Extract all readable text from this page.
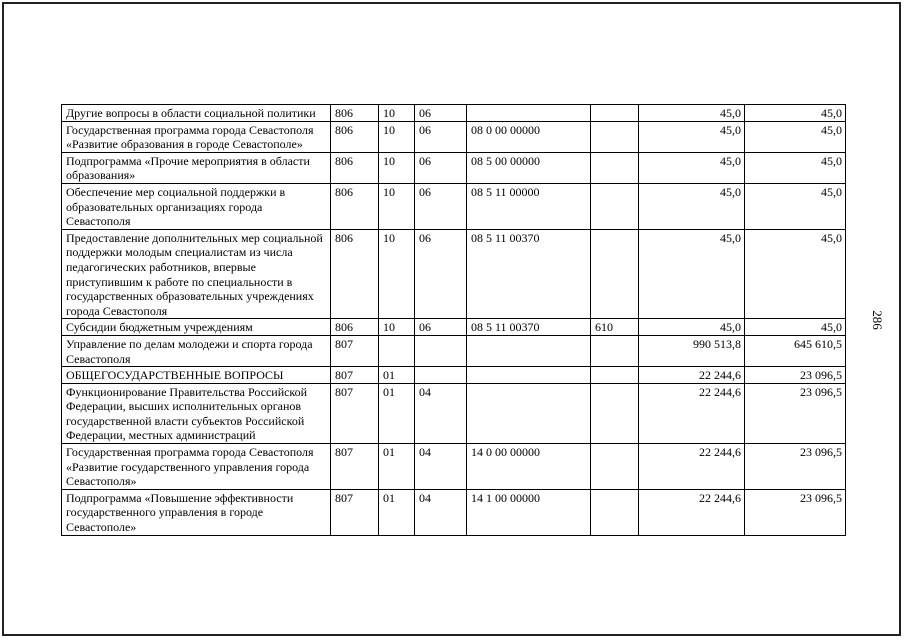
Другие вопросы в области социальной политики	806	10	06			45,0	45,0
Государственная программа города Севастополя «Развитие образования в городе Севастополе»	806	10	06	08 0 00 00000		45,0	45,0
Подпрограмма «Прочие мероприятия в области образования»	806	10	06	08 5 00 00000		45,0	45,0
Обеспечение мер социальной поддержки в образовательных организациях города Севастополя	806	10	06	08 5 11 00000		45,0	45,0
Предоставление дополнительных мер социальной поддержки молодым специалистам из числа педагогических работников, впервые приступившим к работе по специальности в государственных образовательных учреждениях города Севастополя	806	10	06	08 5 11 00370		45,0	45,0
Субсидии бюджетным учреждениям	806	10	06	08 5 11 00370	610	45,0	45,0
Управление по делам молодежи и спорта города Севастополя	807					990 513,8	645 610,5
ОБЩЕГОСУДАРСТВЕННЫЕ ВОПРОСЫ	807	01				22 244,6	23 096,5
Функционирование Правительства Российской Федерации, высших исполнительных органов государственной власти субъектов Российской Федерации, местных администраций	807	01	04			22 244,6	23 096,5
Государственная программа города Севастополя «Развитие государственного управления города Севастополя»	807	01	04	14 0 00 00000		22 244,6	23 096,5
Подпрограмма «Повышение эффективности государственного управления в городе Севастополе»	807	01	04	14 1 00 00000		22 244,6	23 096,5
286
